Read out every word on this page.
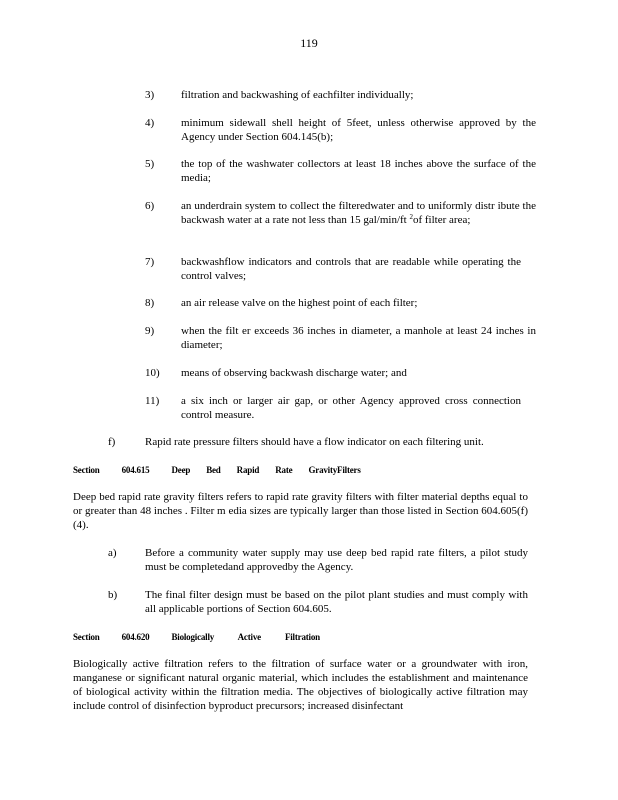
119
3) filtration and backwashing of eachfilter individually;
4) minimum sidewall shell height of 5feet, unless otherwise approved by the Agency under Section 604.145(b);
5) the top of the washwater collectors at least 18 inches above the surface of the media;
6) an underdrain system to collect the filteredwater and to uniformly distr ibute the backwash water at a rate not less than 15 gal/min/ft $^2$of filter area;
7) backwashflow indicators and controls that are readable while operating the control valves;
8) an air release valve on the highest point of each filter;
9) when the filt er exceeds 36 inches in diameter, a manhole at least 24 inches in diameter;
10) means of observing backwash discharge water; and
11) a six inch or larger air gap, or other Agency approved cross connection control measure.
f)	Rapid rate pressure filters should have a flow indicator on each filtering unit.
Section 604.615 Deep Bed Rapid Rate GravityFilters
Deep bed rapid rate gravity filters refers to rapid rate gravity filters with filter material depths equal to or greater than 48 inches . Filter m edia sizes are typically larger than those listed in Section 604.605(f)(4).
a)	Before a community water supply may use deep bed rapid rate filters, a pilot study must be completedand approvedby the Agency.
b)	The final filter design must be based on the pilot plant studies and must comply with all applicable portions of Section 604.605.
Section 604.620 Biologically Active Filtration
Biologically active filtration refers to the filtration of surface water or a groundwater with iron, manganese or significant natural organic material, which includes the establishment and maintenance of biological activity within the filtration media. The objectives of biologically active filtration may include control of disinfection byproduct precursors; increased disinfectant
